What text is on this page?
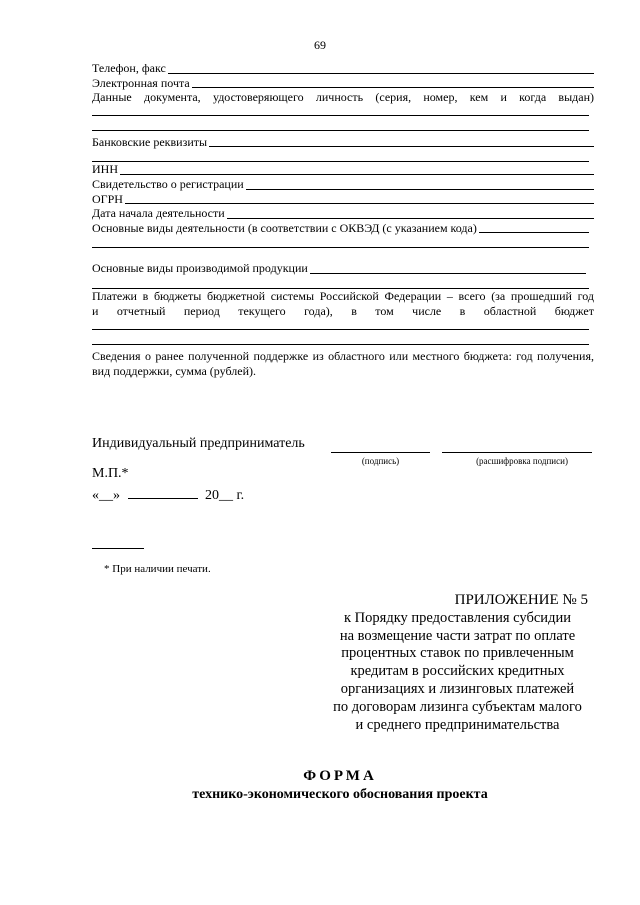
69
Телефон, факс
Электронная почта
Данные документа, удостоверяющего личность (серия, номер, кем и когда выдан)
Банковские реквизиты
ИНН
Свидетельство о регистрации
ОГРН
Дата начала деятельности
Основные виды деятельности (в соответствии с ОКВЭД (с указанием кода)
Основные виды производимой продукции
Платежи в бюджеты бюджетной системы Российской Федерации – всего (за прошедший год
и отчетный период текущего года), в том числе в областной бюджет
Сведения о ранее полученной поддержке из областного или местного бюджета: год получения,
вид поддержки, сумма (рублей).
Индивидуальный предприниматель
(подпись)	(расшифровка подписи)
М.П.*
«__»	20__ г.
* При наличии печати.
ПРИЛОЖЕНИЕ № 5
к Порядку предоставления субсидии
на возмещение части затрат по оплате
процентных ставок по привлеченным
кредитам в российских кредитных
организациях и лизинговых платежей
по договорам лизинга субъектам малого
и среднего предпринимательства
ФОРМА
технико-экономического обоснования проекта
